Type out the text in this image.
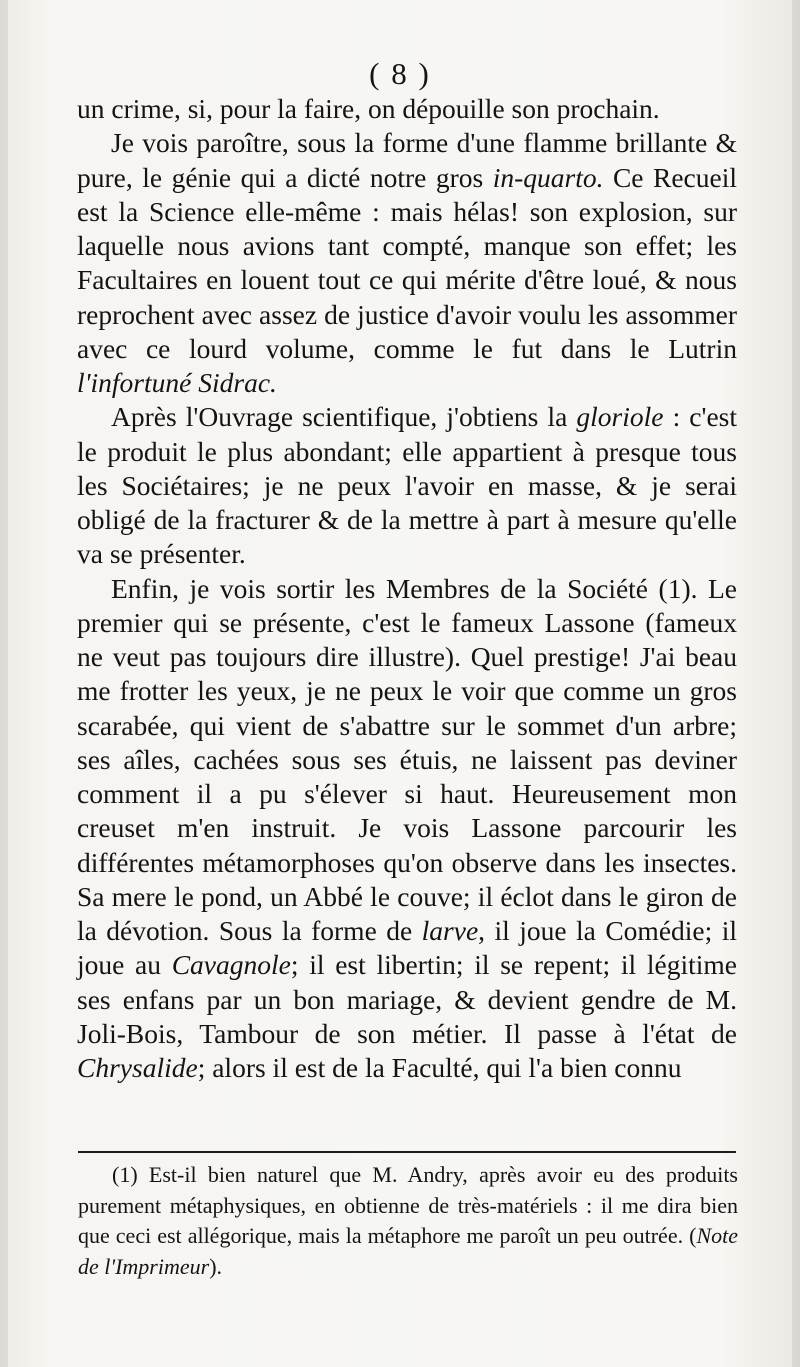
( 8 )

un crime, si, pour la faire, on dépouille son prochain.

Je vois paroître, sous la forme d'une flamme brillante & pure, le génie qui a dicté notre gros in-quarto. Ce Recueil est la Science elle-même : mais hélas! son explosion, sur laquelle nous avions tant compté, manque son effet; les Facultaires en louent tout ce qui mérite d'être loué, & nous reprochent avec assez de justice d'avoir voulu les assommer avec ce lourd volume, comme le fut dans le Lutrin l'infortuné Sidrac.

Après l'Ouvrage scientifique, j'obtiens la gloriole : c'est le produit le plus abondant; elle appartient à presque tous les Sociétaires; je ne peux l'avoir en masse, & je serai obligé de la fracturer & de la mettre à part à mesure qu'elle va se présenter.

Enfin, je vois sortir les Membres de la Société (1). Le premier qui se présente, c'est le fameux Lassone (fameux ne veut pas toujours dire illustre). Quel prestige! J'ai beau me frotter les yeux, je ne peux le voir que comme un gros scarabée, qui vient de s'abattre sur le sommet d'un arbre; ses aîles, cachées sous ses étuis, ne laissent pas deviner comment il a pu s'élever si haut. Heureusement mon creuset m'en instruit. Je vois Lassone parcourir les différentes métamorphoses qu'on observe dans les insectes. Sa mere le pond, un Abbé le couve; il éclot dans le giron de la dévotion. Sous la forme de larve, il joue la Comédie; il joue au Cavagnole; il est libertin; il se repent; il légitime ses enfans par un bon mariage, & devient gendre de M. Joli-Bois, Tambour de son métier. Il passe à l'état de Chrysalide; alors il est de la Faculté, qui l'a bien connu

(1) Est-il bien naturel que M. Andry, après avoir eu des produits purement métaphysiques, en obtienne de très-matériels : il me dira bien que ceci est allégorique, mais la métaphore me paroît un peu outrée. (Note de l'Imprimeur).
